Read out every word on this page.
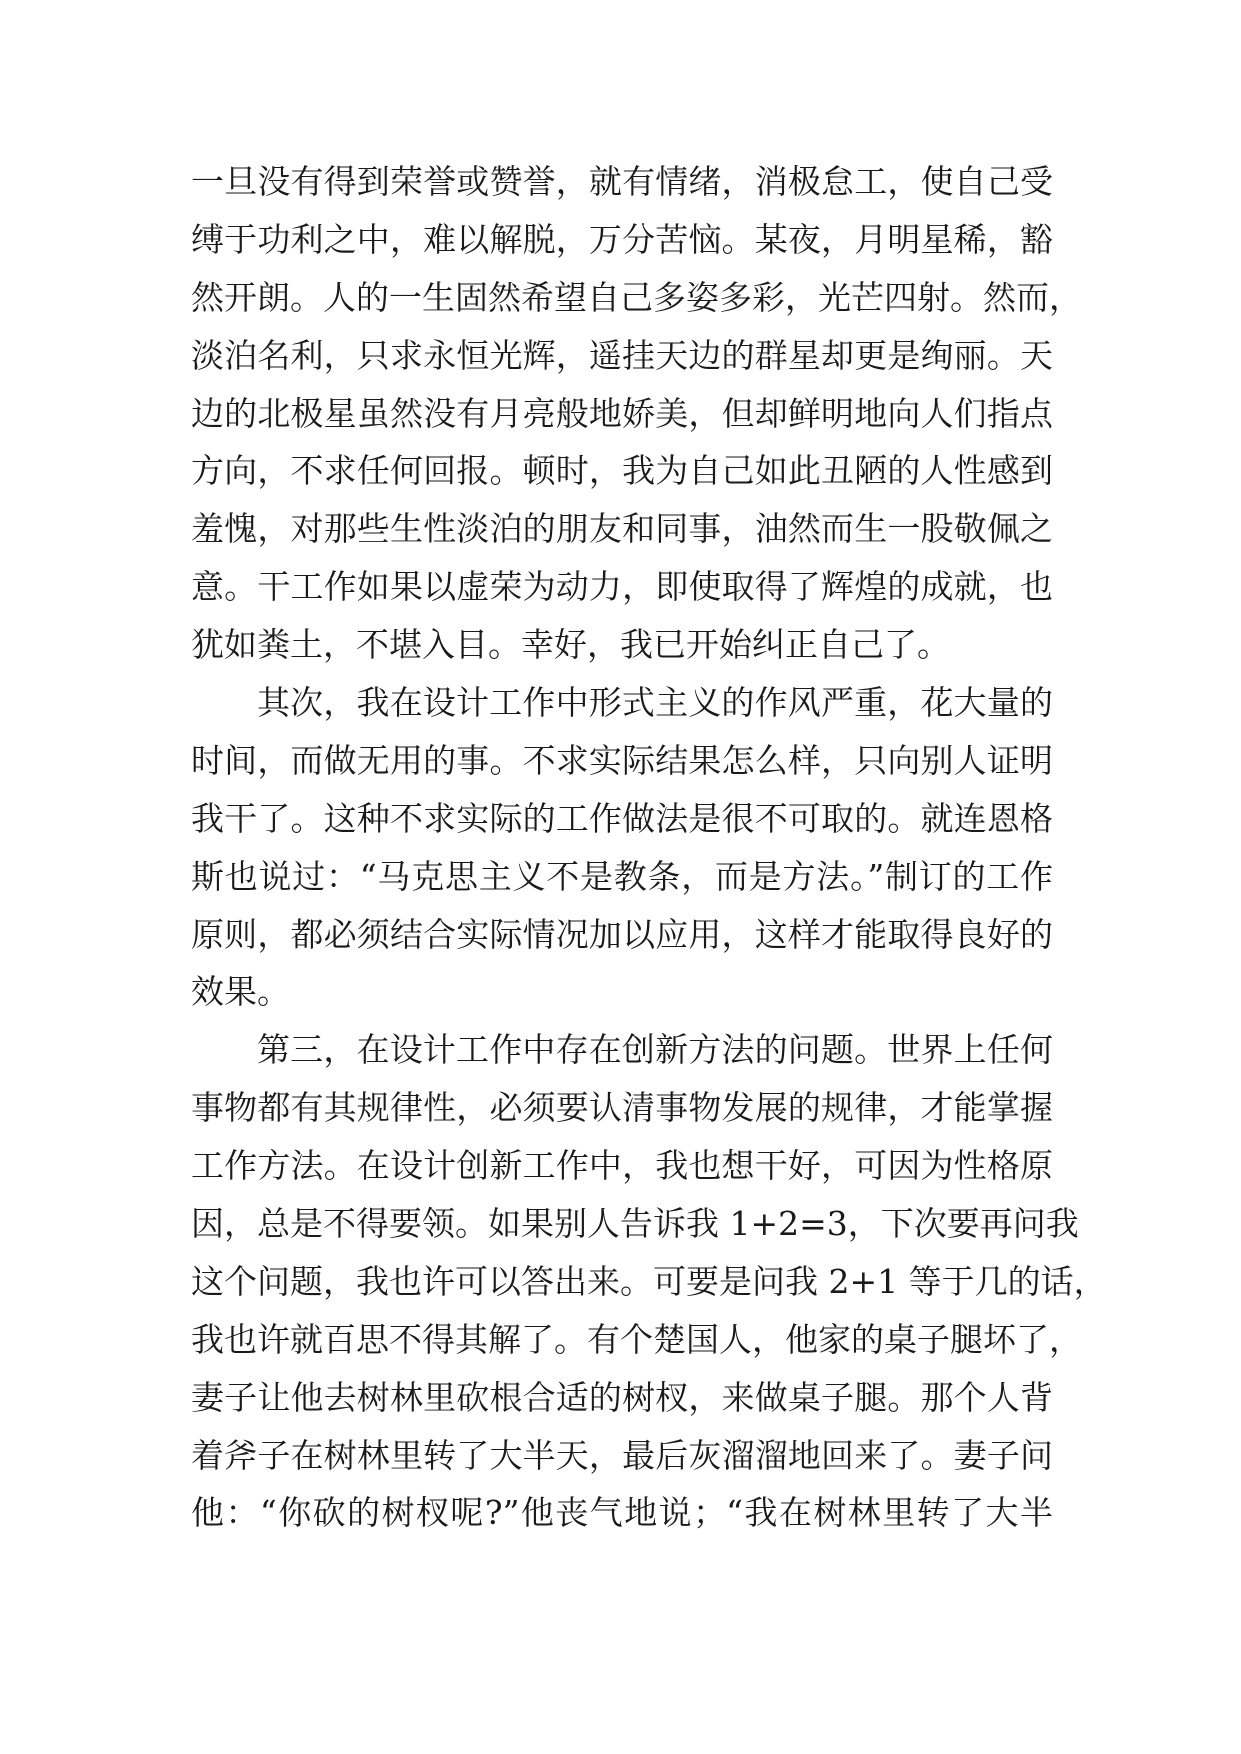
一旦没有得到荣誉或赞誉，就有情绪，消极怠工，使自己受
缚于功利之中，难以解脱，万分苦恼。某夜，月明星稀，豁
然开朗。人的一生固然希望自己多姿多彩，光芒四射。然而，
淡泊名利，只求永恒光辉，遥挂天边的群星却更是绚丽。天
边的北极星虽然没有月亮般地娇美，但却鲜明地向人们指点
方向，不求任何回报。顿时，我为自己如此丑陋的人性感到
羞愧，对那些生性淡泊的朋友和同事，油然而生一股敬佩之
意。干工作如果以虚荣为动力，即使取得了辉煌的成就，也
犹如粪土，不堪入目。幸好，我已开始纠正自己了。
其次，我在设计工作中形式主义的作风严重，花大量的
时间，而做无用的事。不求实际结果怎么样，只向别人证明
我干了。这种不求实际的工作做法是很不可取的。就连恩格
斯也说过：“马克思主义不是教条，而是方法。”制订的工作
原则，都必须结合实际情况加以应用，这样才能取得良好的
效果。
第三，在设计工作中存在创新方法的问题。世界上任何
事物都有其规律性，必须要认清事物发展的规律，才能掌握
工作方法。在设计创新工作中，我也想干好，可因为性格原
因，总是不得要领。如果别人告诉我 1+2=3，下次要再问我
这个问题，我也许可以答出来。可要是问我 2+1 等于几的话，
我也许就百思不得其解了。有个楚国人，他家的桌子腿坏了，
妻子让他去树林里砍根合适的树杈，来做桌子腿。那个人背
着斧子在树林里转了大半天，最后灰溜溜地回来了。妻子问
他：“你砍的树杈呢?”他丧气地说；“我在树林里转了大半
